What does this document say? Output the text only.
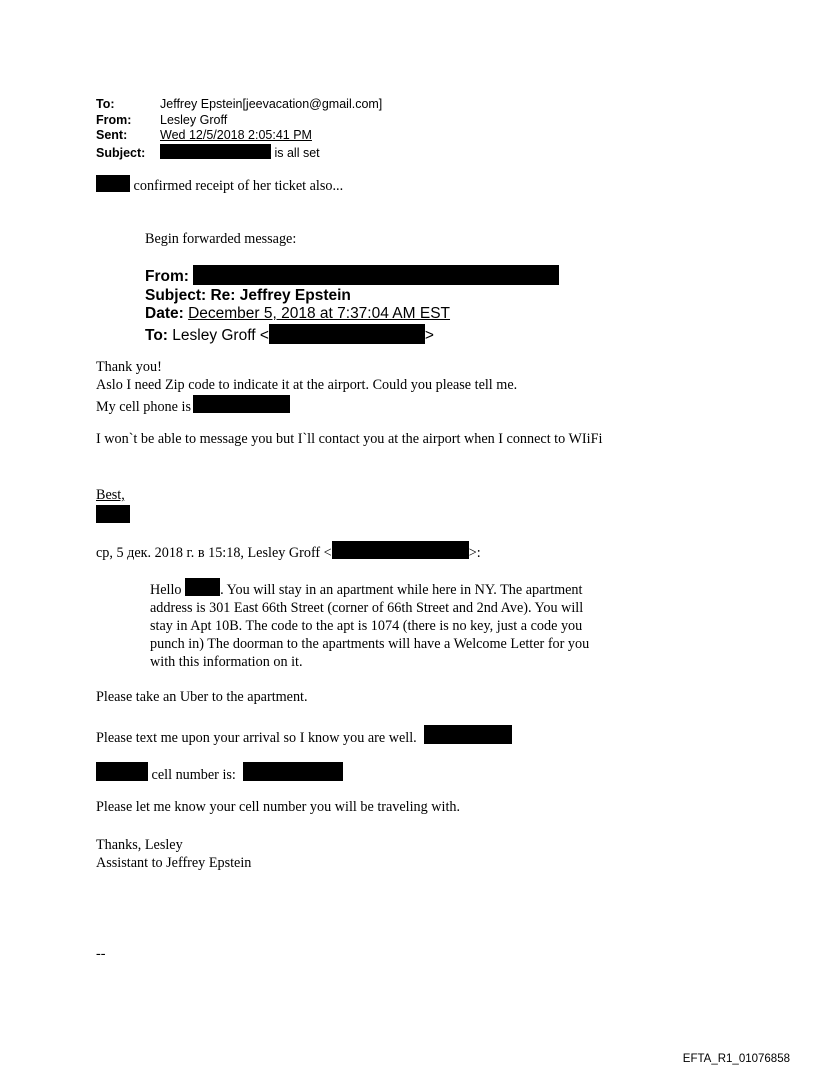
To:	Jeffrey Epstein[jeevacation@gmail.com]
From: Lesley Groff
Sent:	Wed 12/5/2018 2:05:41 PM
Subject:	is all set
confirmed receipt of her ticket also...
Begin forwarded message:
From:
Subject: Re: Jeffrey Epstein
Date: December 5, 2018 at 7:37:04 AM EST
To: Lesley Groff <	>
Thank you!
Aslo I need Zip code to indicate it at the airport. Could you please tell me.
My cell phone is
I won`t be able to message you but I`ll contact you at the airport when I connect to WIiFi
Best,
ср, 5 дек. 2018 г. в 15:18, Lesley Groff <	>:
Hello	. You will stay in an apartment while here in NY. The apartment
address is 301 East 66th Street (corner of 66th Street and 2nd Ave). You will
stay in Apt 10B. The code to the apt is 1074 (there is no key, just a code you
punch in) The doorman to the apartments will have a Welcome Letter for you
with this information on it.
Please take an Uber to the apartment.
Please text me upon your arrival so I know you are well.
cell number is:
Please let me know your cell number you will be traveling with.
Thanks, Lesley
Assistant to Jeffrey Epstein
--
EFTA_R1_01076858
